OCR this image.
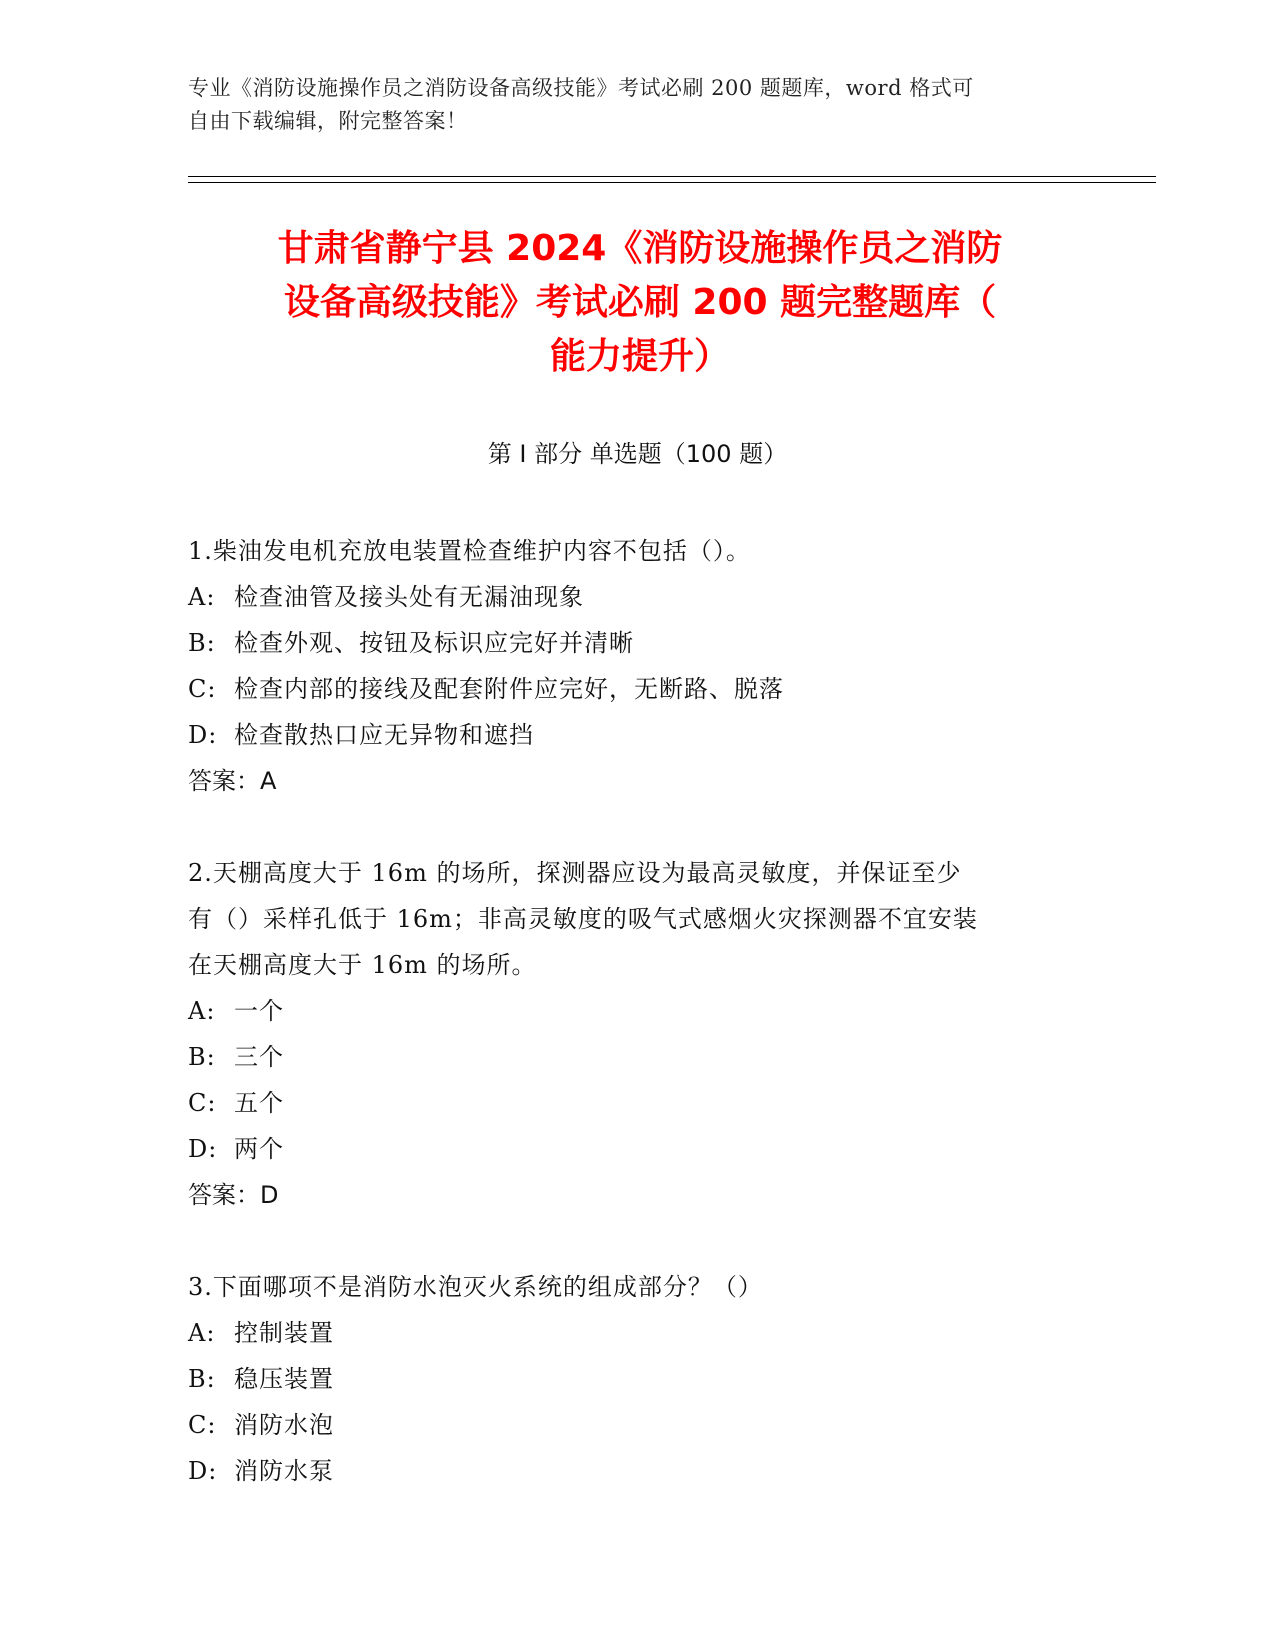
专业《消防设施操作员之消防设备高级技能》考试必刷 200 题题库，word 格式可
自由下载编辑，附完整答案！
甘肃省静宁县 2024《消防设施操作员之消防
设备高级技能》考试必刷 200 题完整题库（
能力提升）
第 I 部分 单选题（100 题）
1.柴油发电机充放电装置检查维护内容不包括（）。
A: 检查油管及接头处有无漏油现象
B: 检查外观、按钮及标识应完好并清晰
C: 检查内部的接线及配套附件应完好，无断路、脱落
D: 检查散热口应无异物和遮挡
答案：A
2.天棚高度大于 16m 的场所，探测器应设为最高灵敏度，并保证至少
有（）采样孔低于 16m；非高灵敏度的吸气式感烟火灾探测器不宜安装
在天棚高度大于 16m 的场所。
A: 一个
B: 三个
C: 五个
D: 两个
答案：D
3.下面哪项不是消防水泡灭火系统的组成部分？（）
A: 控制装置
B: 稳压装置
C: 消防水泡
D: 消防水泵
